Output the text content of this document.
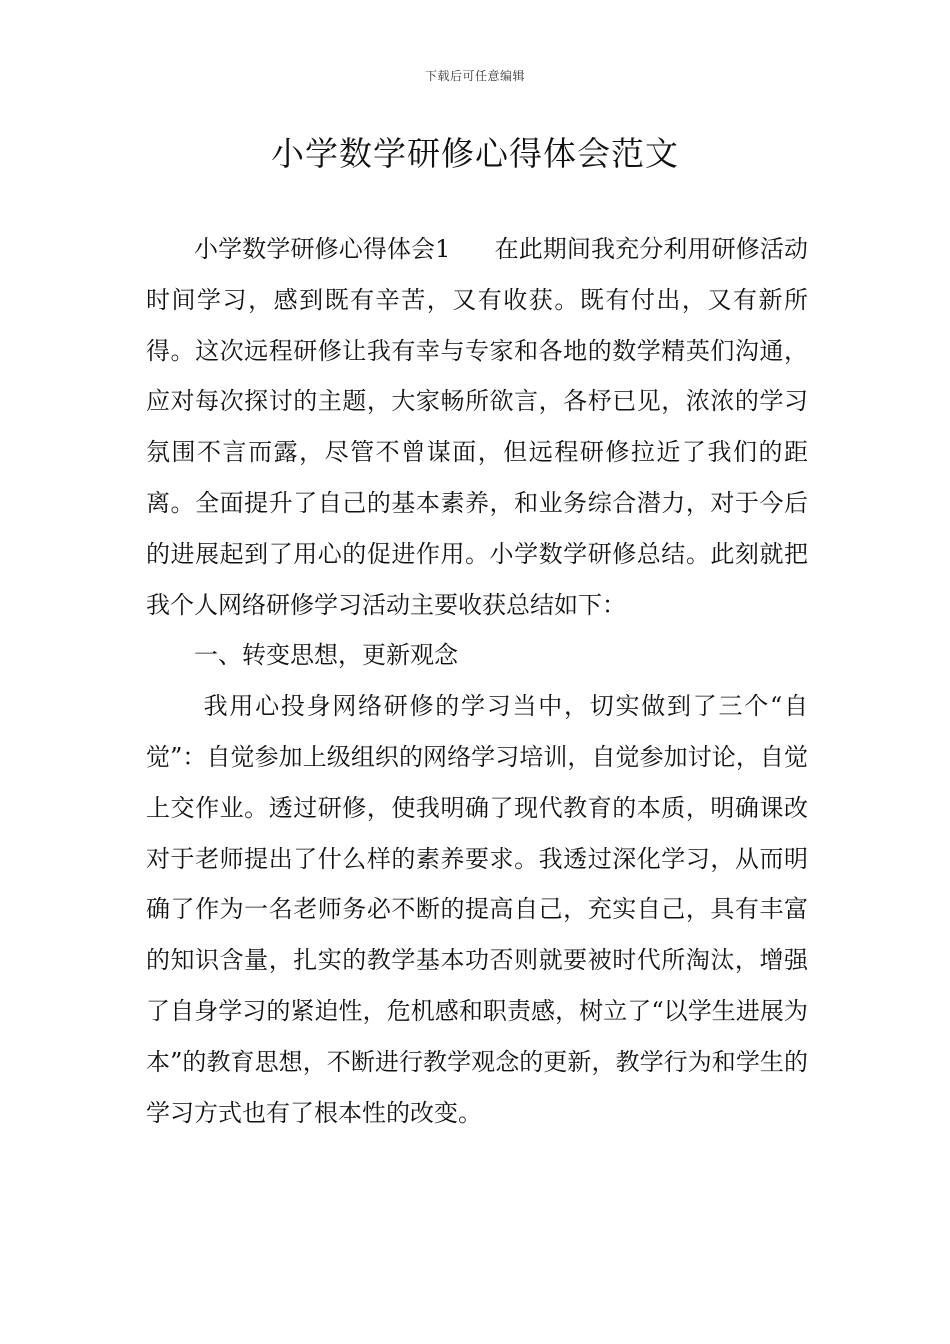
下载后可任意编辑
小学数学研修心得体会范文

小学数学研修心得体会1 在此期间我充分利用研修活动时间学习，感到既有辛苦，又有收获。既有付出，又有新所得。这次远程研修让我有幸与专家和各地的数学精英们沟通，应对每次探讨的主题，大家畅所欲言，各杼已见，浓浓的学习氛围不言而露，尽管不曾谋面，但远程研修拉近了我们的距离。全面提升了自己的基本素养，和业务综合潜力，对于今后的进展起到了用心的促进作用。小学数学研修总结。此刻就把我个人网络研修学习活动主要收获总结如下：

一、转变思想，更新观念

我用心投身网络研修的学习当中，切实做到了三个“自觉”：自觉参加上级组织的网络学习培训，自觉参加讨论，自觉上交作业。透过研修，使我明确了现代教育的本质，明确课改对于老师提出了什么样的素养要求。我透过深化学习，从而明确了作为一名老师务必不断的提高自己，充实自己，具有丰富的知识含量，扎实的教学基本功否则就要被时代所淘汰，增强了自身学习的紧迫性，危机感和职责感，树立了“以学生进展为本”的教育思想，不断进行教学观念的更新，教学行为和学生的学习方式也有了根本性的改变。
